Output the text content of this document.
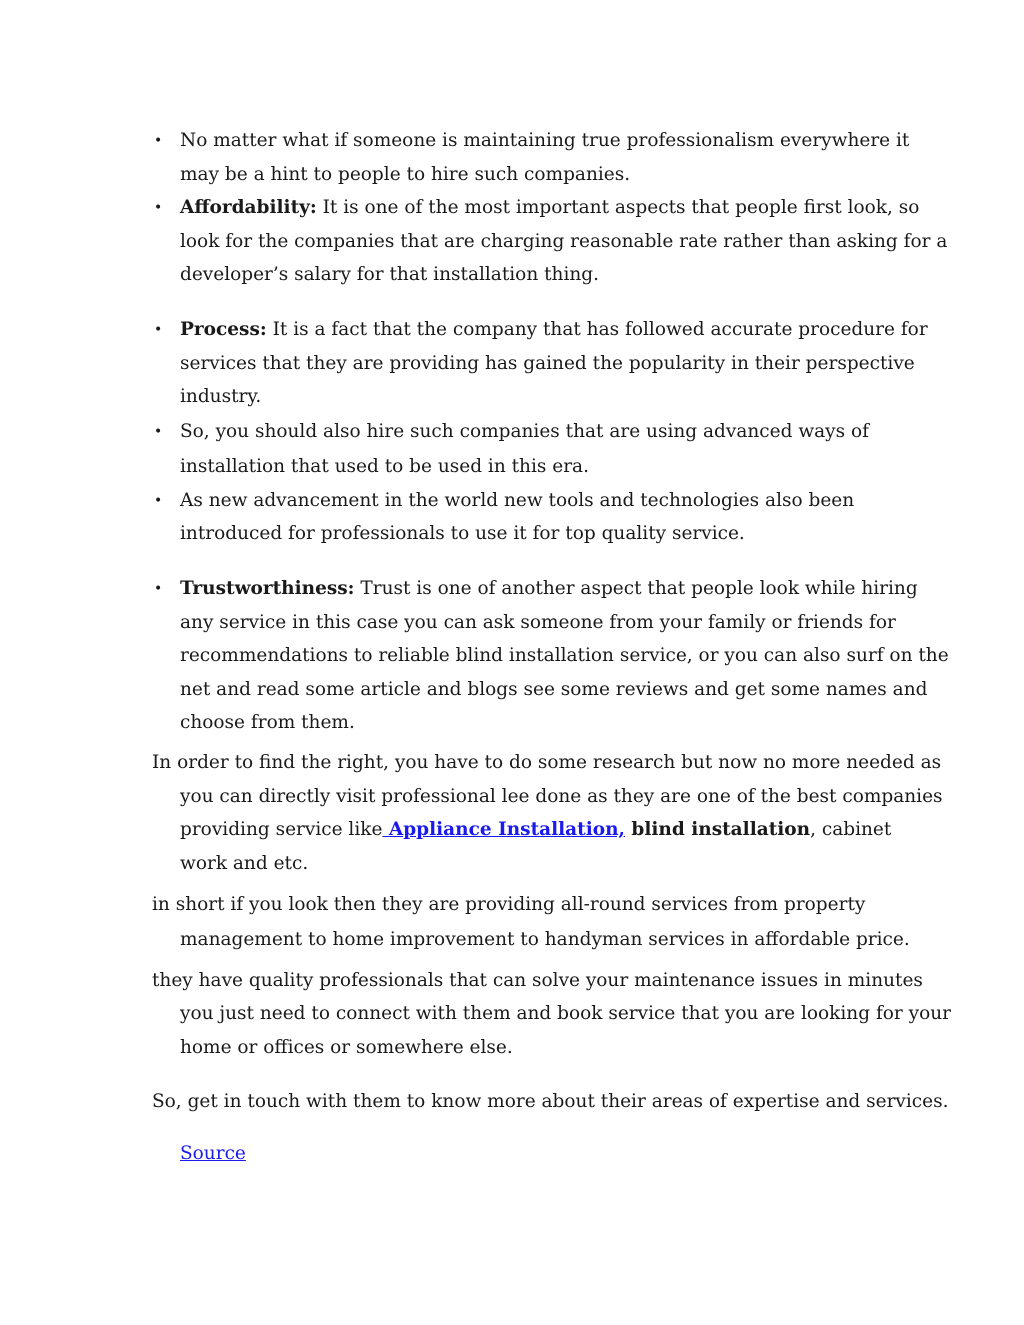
• No matter what if someone is maintaining true professionalism everywhere it

may be a hint to people to hire such companies.

• Affordability: It is one of the most important aspects that people first look, so

look for the companies that are charging reasonable rate rather than asking for a

developer’s salary for that installation thing.

• Process: It is a fact that the company that has followed accurate procedure for

services that they are providing has gained the popularity in their perspective

industry.

• So, you should also hire such companies that are using advanced ways of

installation that used to be used in this era.

• As new advancement in the world new tools and technologies also been

introduced for professionals to use it for top quality service.

• Trustworthiness: Trust is one of another aspect that people look while hiring

any service in this case you can ask someone from your family or friends for

recommendations to reliable blind installation service, or you can also surf on the

net and read some article and blogs see some reviews and get some names and

choose from them.

In order to find the right, you have to do some research but now no more needed as

you can directly visit professional lee done as they are one of the best companies

providing service like Appliance Installation, blind installation, cabinet

work and etc.

in short if you look then they are providing all-round services from property

management to home improvement to handyman services in affordable price.

they have quality professionals that can solve your maintenance issues in minutes

you just need to connect with them and book service that you are looking for your

home or offices or somewhere else.

So, get in touch with them to know more about their areas of expertise and services.

Source
